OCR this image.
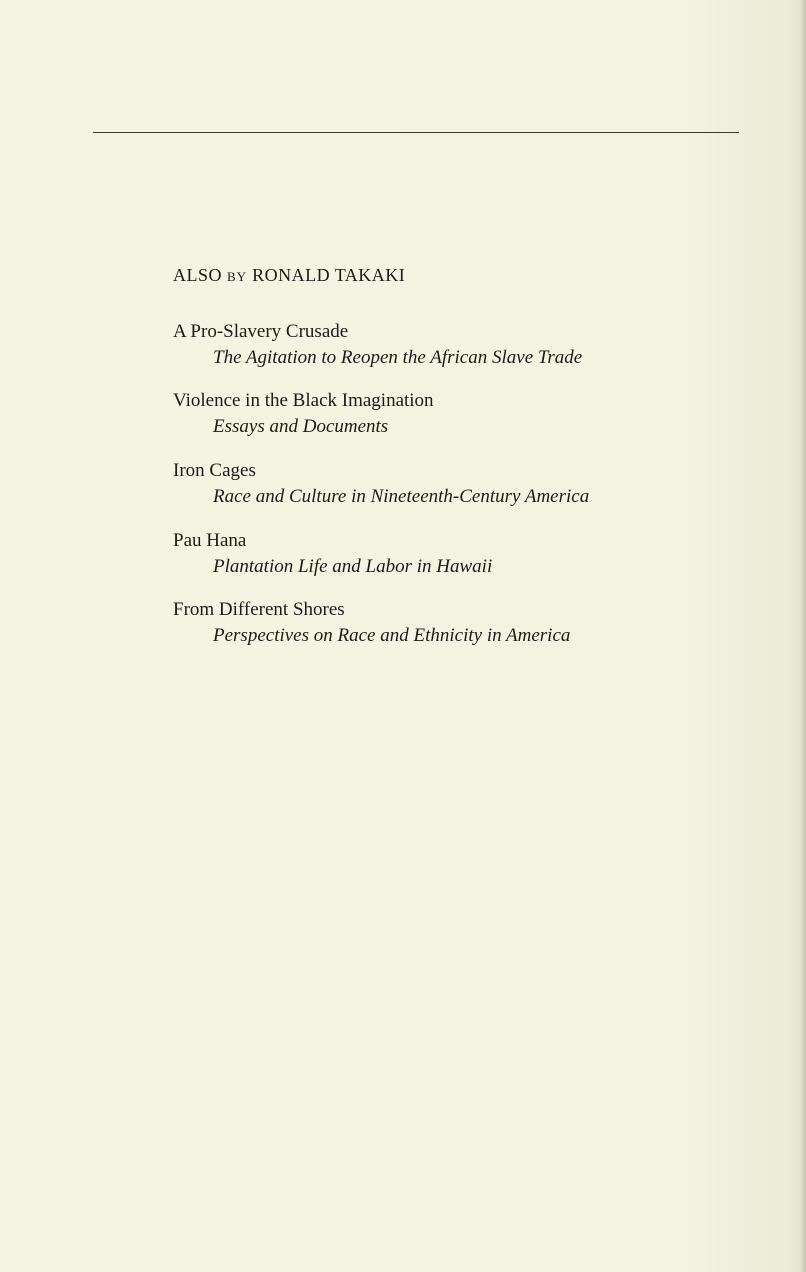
ALSO BY RONALD TAKAKI
A Pro-Slavery Crusade
The Agitation to Reopen the African Slave Trade
Violence in the Black Imagination
Essays and Documents
Iron Cages
Race and Culture in Nineteenth-Century America
Pau Hana
Plantation Life and Labor in Hawaii
From Different Shores
Perspectives on Race and Ethnicity in America
